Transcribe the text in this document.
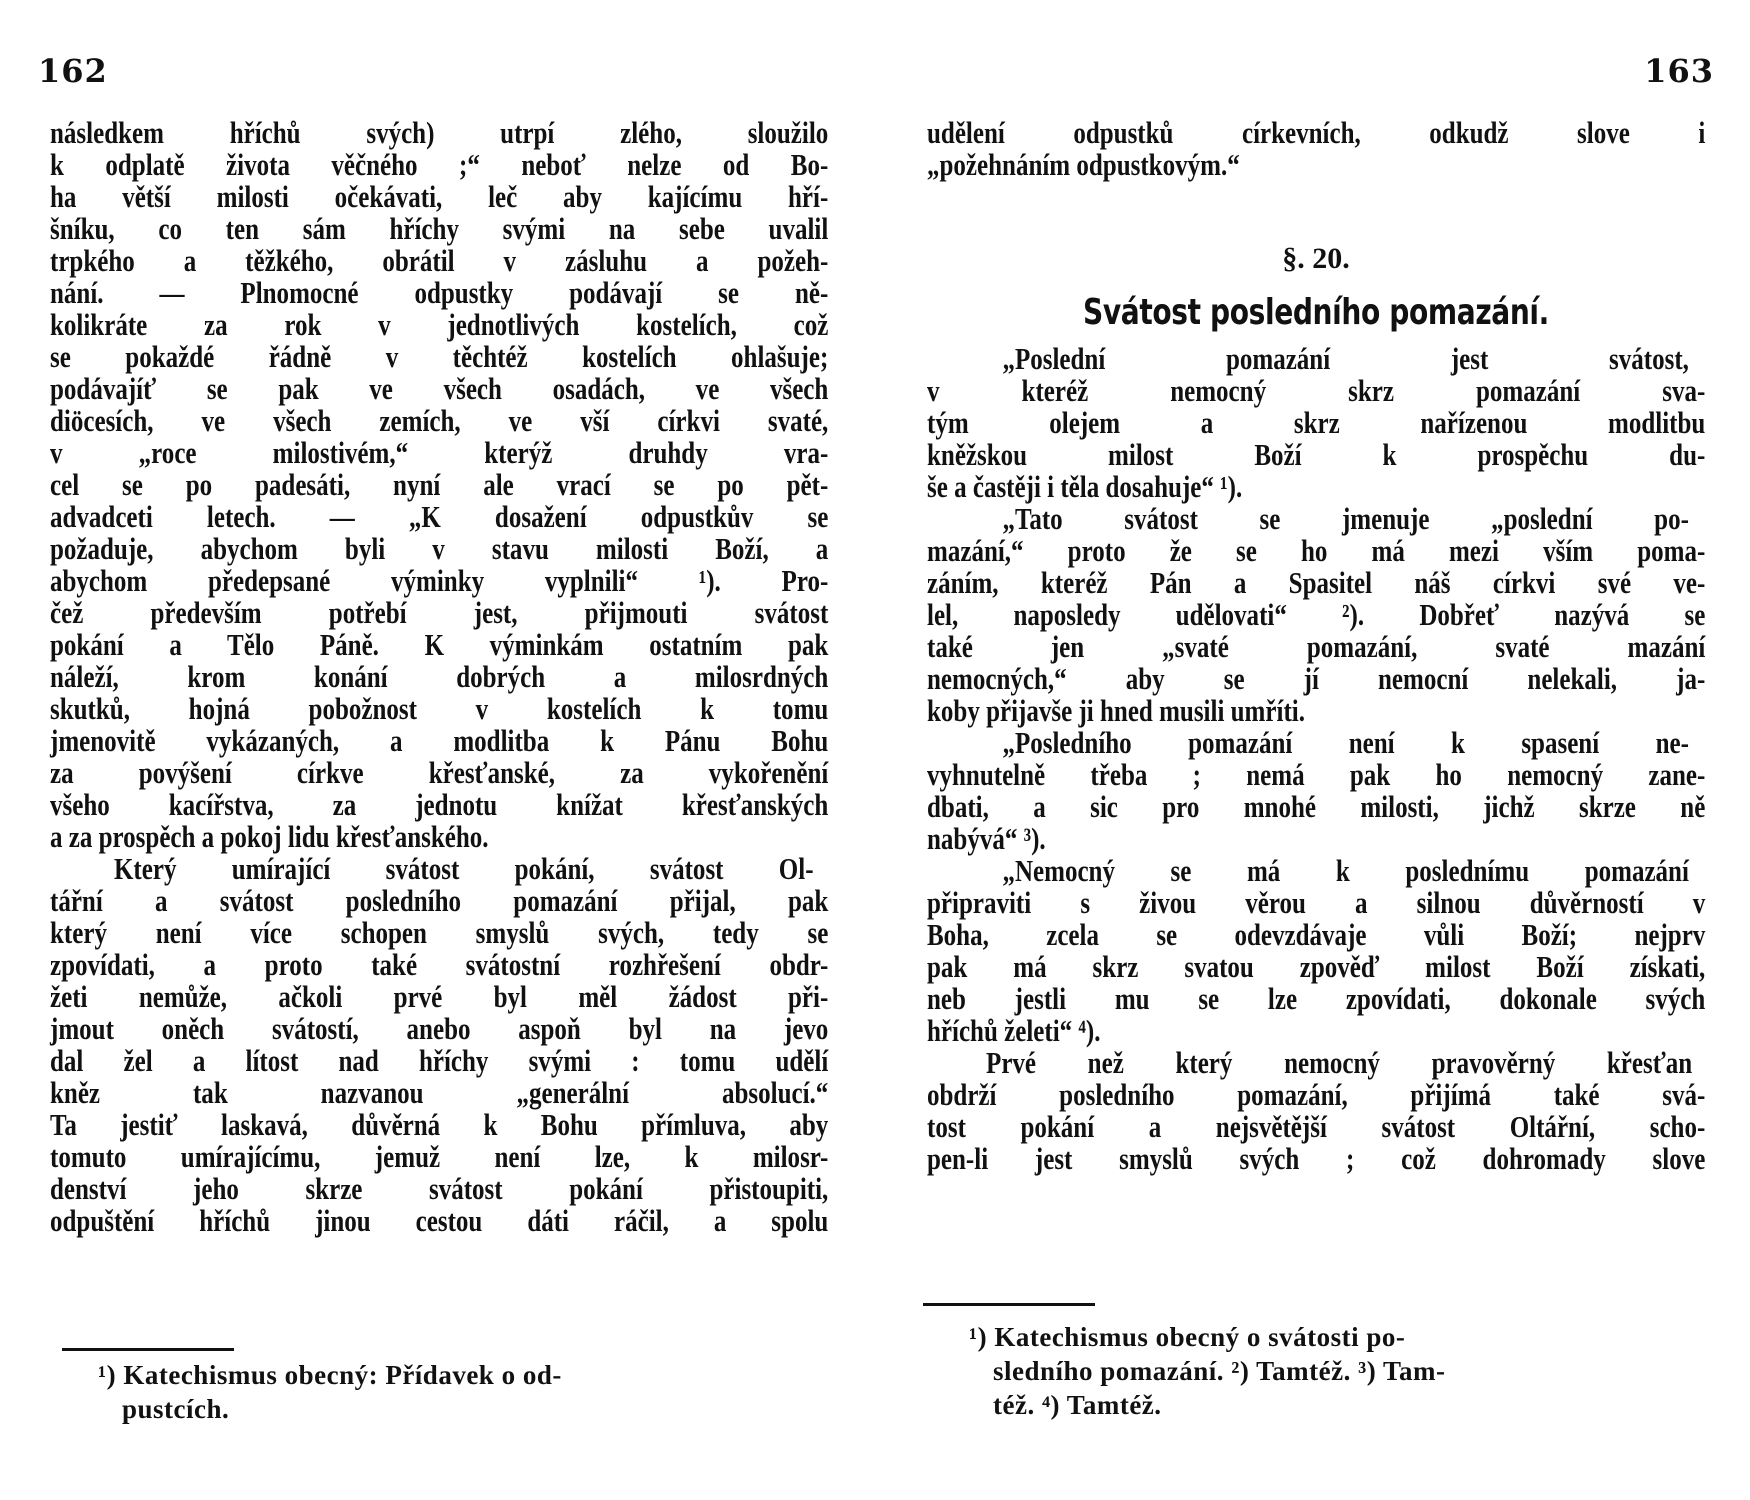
162
následkem hříchů svých) utrpí zlého, sloužilo
k odplatě života věčného ;“ neboť nelze od Bo-
ha větší milosti očekávati, leč aby kajícímu hří-
šníku, co ten sám hříchy svými na sebe uvalil
trpkého a těžkého, obrátil v zásluhu a požeh-
nání. — Plnomocné odpustky podávají se ně-
kolikráte za rok v jednotlivých kostelích, což
se pokaždé řádně v těchtéž kostelích ohlašuje;
podávajíť se pak ve všech osadách, ve všech
diöcesích, ve všech zemích, ve vší církvi svaté,
v „roce milostivém,“ kterýž druhdy vra-
cel se po padesáti, nyní ale vrací se po pět-
advadceti letech. — „K dosažení odpustkův se
požaduje, abychom byli v stavu milosti Boží, a
abychom předepsané výminky vyplnili“ ¹). Pro-
čež především potřebí jest, přijmouti svátost
pokání a Tělo Páně. K výminkám ostatním pak
náleží, krom konání dobrých a milosrdných
skutků, hojná pobožnost v kostelích k tomu
jmenovitě vykázaných, a modlitba k Pánu Bohu
za povýšení církve křesťanské, za vykořenění
všeho kacířstva, za jednotu knížat křesťanských
a za prospěch a pokoj lidu křesťanského.
Který umírající svátost pokání, svátost Ol-
tářní a svátost posledního pomazání přijal, pak
který není více schopen smyslů svých, tedy se
zpovídati, a proto také svátostní rozhřešení obdr-
žeti nemůže, ačkoli prvé byl měl žádost při-
jmout oněch svátostí, anebo aspoň byl na jevo
dal žel a lítost nad hříchy svými : tomu udělí
kněz tak nazvanou „generální absolucí.“
Ta jestiť laskavá, důvěrná k Bohu přímluva, aby
tomuto umírajícímu, jemuž není lze, k milosr-
denství jeho skrze svátost pokání přistoupiti,
odpuštění hříchů jinou cestou dáti ráčil, a spolu
¹) Katechismus obecný: Přídavek o od-
pustcích.
163
udělení odpustků církevních, odkudž slove i
„požehnáním odpustkovým.“
§. 20.
Svátost posledního pomazání.
„Poslední pomazání jest svátost,
v kteréž nemocný skrz pomazání sva-
tým olejem a skrz nařízenou modlitbu
kněžskou milost Boží k prospěchu du-
še a častěji i těla dosahuje“ ¹).
„Tato svátost se jmenuje „poslední po-
mazání,“ proto že se ho má mezi vším poma-
záním, kteréž Pán a Spasitel náš církvi své ve-
lel, naposledy udělovati“ ²). Dobřeť nazývá se
také jen „svaté pomazání, svaté mazání
nemocných,“ aby se jí nemocní nelekali, ja-
koby přijavše ji hned musili umříti.
„Posledního pomazání není k spasení ne-
vyhnutelně třeba ; nemá pak ho nemocný zane-
dbati, a sic pro mnohé milosti, jichž skrze ně
nabývá“ ³).
„Nemocný se má k poslednímu pomazání
připraviti s živou věrou a silnou důvěrností v
Boha, zcela se odevzdávaje vůli Boží; nejprv
pak má skrz svatou zpověď milost Boží získati,
neb jestli mu se lze zpovídati, dokonale svých
hříchů želeti“ ⁴).
Prvé než který nemocný pravověrný křesťan
obdrží posledního pomazání, přijímá také svá-
tost pokání a nejsvětější svátost Oltářní, scho-
pen-li jest smyslů svých ; což dohromady slove
¹) Katechismus obecný o svátosti po-
sledního pomazání. ²) Tamtéž. ³) Tam-
též. ⁴) Tamtéž.
